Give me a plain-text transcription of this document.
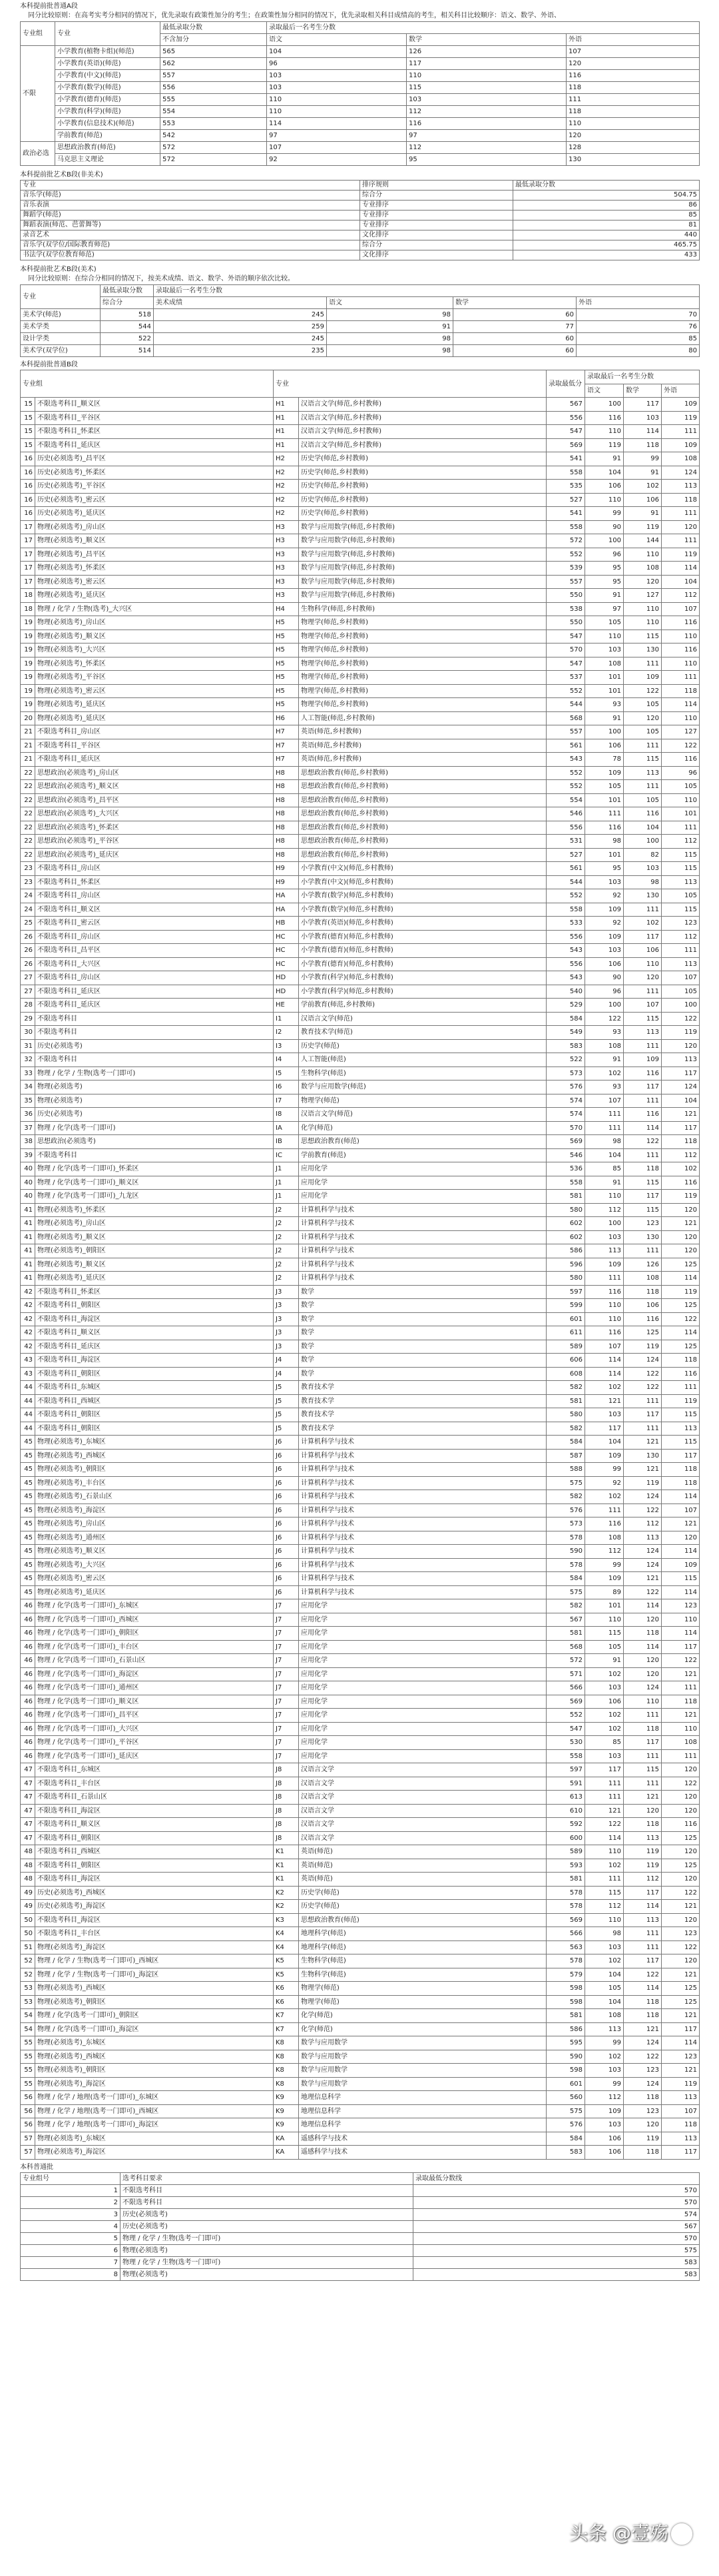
本科提前批普通A段
同分比较原则：在高考实考分相同的情况下，优先录取有政策性加分的考生；在政策性加分相同的情况下，优先录取相关科目成绩高的考生，相关科目比较顺序：语文、数学、外语、
专业组	专业	最低录取分数	录取最后一名考生分数		
		不含加分	语文	数学	外语
不限	小学教育(植物卡组)(师范)	565	104	126	107
	小学教育(英语)(师范)	562	96	117	120
	小学教育(中文)(师范)	557	103	110	116
	小学教育(数学)(师范)	556	103	115	118
	小学教育(德育)(师范)	555	110	103	111
	小学教育(科学)(师范)	554	110	112	118
	小学教育(信息技术)(师范)	553	114	116	110
	学前教育(师范)	542	97	97	120
政治必选	思想政治教育(师范)	572	107	112	128
	马克思主义理论	572	92	95	130
本科提前批艺术B段(非美术)
专业	排序规则	最低录取分数
音乐学(师范)	综合分	504.75
音乐表演	专业排序	86
舞蹈学(师范)	专业排序	85
舞蹈表演(师范、芭蕾舞等)	专业排序	81
录音艺术	文化排序	440
音乐学(双学位/国际教育师范)	综合分	465.75
书法学(双学位教育师范)	文化排序	433
本科提前批艺术B段(美术)
同分比较原则：在综合分相同的情况下，按美术成绩、语文、数学、外语的顺序依次比较。
专业	最低录取分数	录取最后一名考生分数			
	综合分	美术成绩	语文	数学	外语
美术学(师范)	518	245	98	60	70
美术学类	544	259	91	77	76
设计学类	522	245	98	60	85
美术学(双学位)	514	235	98	60	80
本科提前批普通B段
专业组		专业		录取最低分	录取最后一名考生分数		
					语文	数学	外语
15	不限选考科目_顺义区	H1	汉语言文学(师范,乡村教师)	567	100	117	109
15	不限选考科目_平谷区	H1	汉语言文学(师范,乡村教师)	556	116	103	119
15	不限选考科目_怀柔区	H1	汉语言文学(师范,乡村教师)	547	110	114	111
15	不限选考科目_延庆区	H1	汉语言文学(师范,乡村教师)	569	119	118	109
16	历史(必须选考)_昌平区	H2	历史学(师范,乡村教师)	541	91	99	108
16	历史(必须选考)_怀柔区	H2	历史学(师范,乡村教师)	558	104	91	124
16	历史(必须选考)_平谷区	H2	历史学(师范,乡村教师)	535	106	102	113
16	历史(必须选考)_密云区	H2	历史学(师范,乡村教师)	527	110	106	118
16	历史(必须选考)_延庆区	H2	历史学(师范,乡村教师)	541	99	91	111
17	物理(必须选考)_房山区	H3	数学与应用数学(师范,乡村教师)	558	90	119	120
17	物理(必须选考)_顺义区	H3	数学与应用数学(师范,乡村教师)	572	100	144	111
17	物理(必须选考)_昌平区	H3	数学与应用数学(师范,乡村教师)	552	96	110	119
17	物理(必须选考)_怀柔区	H3	数学与应用数学(师范,乡村教师)	539	95	108	114
17	物理(必须选考)_密云区	H3	数学与应用数学(师范,乡村教师)	557	95	120	104
18	物理(必须选考)_延庆区	H3	数学与应用数学(师范,乡村教师)	550	91	127	112
18	物理 / 化学 / 生物(选考)_大兴区	H4	生物科学(师范,乡村教师)	538	97	110	107
19	物理(必须选考)_房山区	H5	物理学(师范,乡村教师)	550	105	110	116
19	物理(必须选考)_顺义区	H5	物理学(师范,乡村教师)	547	110	115	110
19	物理(必须选考)_大兴区	H5	物理学(师范,乡村教师)	570	103	130	116
19	物理(必须选考)_怀柔区	H5	物理学(师范,乡村教师)	547	108	111	110
19	物理(必须选考)_平谷区	H5	物理学(师范,乡村教师)	537	101	109	111
19	物理(必须选考)_密云区	H5	物理学(师范,乡村教师)	552	101	122	118
19	物理(必须选考)_延庆区	H5	物理学(师范,乡村教师)	544	93	105	114
20	物理(必须选考)_延庆区	H6	人工智能(师范,乡村教师)	568	91	120	110
21	不限选考科目_房山区	H7	英语(师范,乡村教师)	557	100	105	127
21	不限选考科目_平谷区	H7	英语(师范,乡村教师)	561	106	111	122
21	不限选考科目_延庆区	H7	英语(师范,乡村教师)	543	78	115	116
22	思想政治(必须选考)_房山区	H8	思想政治教育(师范,乡村教师)	552	109	113	96
22	思想政治(必须选考)_顺义区	H8	思想政治教育(师范,乡村教师)	552	105	111	105
22	思想政治(必须选考)_昌平区	H8	思想政治教育(师范,乡村教师)	554	101	105	110
22	思想政治(必须选考)_大兴区	H8	思想政治教育(师范,乡村教师)	546	111	116	101
22	思想政治(必须选考)_怀柔区	H8	思想政治教育(师范,乡村教师)	556	116	104	111
22	思想政治(必须选考)_平谷区	H8	思想政治教育(师范,乡村教师)	531	98	100	112
22	思想政治(必须选考)_延庆区	H8	思想政治教育(师范,乡村教师)	527	101	82	115
23	不限选考科目_房山区	H9	小学教育(中文)(师范,乡村教师)	561	95	103	115
23	不限选考科目_怀柔区	H9	小学教育(中文)(师范,乡村教师)	544	103	98	113
24	不限选考科目_房山区	HA	小学教育(数学)(师范,乡村教师)	552	92	130	105
24	不限选考科目_顺义区	HA	小学教育(数学)(师范,乡村教师)	558	109	111	115
25	不限选考科目_密云区	HB	小学教育(英语)(师范,乡村教师)	533	92	102	123
26	不限选考科目_房山区	HC	小学教育(德育)(师范,乡村教师)	556	109	117	112
26	不限选考科目_昌平区	HC	小学教育(德育)(师范,乡村教师)	543	103	106	111
26	不限选考科目_大兴区	HC	小学教育(德育)(师范,乡村教师)	556	106	110	113
27	不限选考科目_房山区	HD	小学教育(科学)(师范,乡村教师)	543	90	120	107
27	不限选考科目_延庆区	HD	小学教育(科学)(师范,乡村教师)	540	96	111	105
28	不限选考科目_延庆区	HE	学前教育(师范,乡村教师)	529	100	107	100
29	不限选考科目	I1	汉语言文学(师范)	584	122	115	122
30	不限选考科目	I2	教育技术学(师范)	549	93	113	119
31	历史(必须选考)	I3	历史学(师范)	583	108	111	120
32	不限选考科目	I4	人工智能(师范)	522	91	109	113
33	物理 / 化学 / 生物(选考一门即可)	I5	生物科学(师范)	573	102	116	117
34	物理(必须选考)	I6	数学与应用数学(师范)	576	93	117	124
35	物理(必须选考)	I7	物理学(师范)	574	107	111	104
36	历史(必须选考)	I8	汉语言文学(师范)	574	111	116	121
37	物理 / 化学(选考一门即可)	IA	化学(师范)	570	111	114	117
38	思想政治(必须选考)	IB	思想政治教育(师范)	569	98	122	118
39	不限选考科目	IC	学前教育(师范)	546	104	111	112
40	物理 / 化学(选考一门即可)_怀柔区	J1	应用化学	536	85	118	102
40	物理 / 化学(选考一门即可)_顺义区	J1	应用化学	558	91	115	116
40	物理 / 化学(选考一门即可)_九龙区	J1	应用化学	581	110	117	119
41	物理(必须选考)_怀柔区	J2	计算机科学与技术	580	112	115	120
41	物理(必须选考)_房山区	J2	计算机科学与技术	602	100	123	121
41	物理(必须选考)_顺义区	J2	计算机科学与技术	602	103	130	120
41	物理(必须选考)_朝阳区	J2	计算机科学与技术	586	113	111	120
41	物理(必须选考)_顺义区	J2	计算机科学与技术	596	109	126	125
41	物理(必须选考)_延庆区	J2	计算机科学与技术	580	111	108	114
42	不限选考科目_怀柔区	J3	数学	597	116	118	119
42	不限选考科目_朝阳区	J3	数学	599	110	106	125
42	不限选考科目_海淀区	J3	数学	601	110	116	122
42	不限选考科目_顺义区	J3	数学	611	116	125	114
42	不限选考科目_延庆区	J3	数学	589	107	119	125
43	不限选考科目_海淀区	J4	数学	606	114	124	118
43	不限选考科目_朝阳区	J4	数学	608	114	122	116
44	不限选考科目_东城区	J5	教育技术学	582	102	122	111
44	不限选考科目_西城区	J5	教育技术学	581	121	111	119
44	不限选考科目_朝阳区	J5	教育技术学	580	103	117	115
44	不限选考科目_朝阳区	J5	教育技术学	582	117	111	113
45	物理(必须选考)_东城区	J6	计算机科学与技术	584	104	121	115
45	物理(必须选考)_西城区	J6	计算机科学与技术	587	109	130	117
45	物理(必须选考)_朝阳区	J6	计算机科学与技术	588	99	121	118
45	物理(必须选考)_丰台区	J6	计算机科学与技术	575	92	119	118
45	物理(必须选考)_石景山区	J6	计算机科学与技术	582	102	124	114
45	物理(必须选考)_海淀区	J6	计算机科学与技术	576	111	122	107
45	物理(必须选考)_房山区	J6	计算机科学与技术	573	116	112	121
45	物理(必须选考)_通州区	J6	计算机科学与技术	578	108	113	120
45	物理(必须选考)_顺义区	J6	计算机科学与技术	590	112	124	114
45	物理(必须选考)_大兴区	J6	计算机科学与技术	578	99	124	109
45	物理(必须选考)_密云区	J6	计算机科学与技术	584	109	121	115
45	物理(必须选考)_延庆区	J6	计算机科学与技术	575	89	122	114
46	物理 / 化学(选考一门即可)_东城区	J7	应用化学	582	101	114	123
46	物理 / 化学(选考一门即可)_西城区	J7	应用化学	567	110	120	110
46	物理 / 化学(选考一门即可)_朝阳区	J7	应用化学	581	115	118	114
46	物理 / 化学(选考一门即可)_丰台区	J7	应用化学	568	105	114	117
46	物理 / 化学(选考一门即可)_石景山区	J7	应用化学	572	91	120	122
46	物理 / 化学(选考一门即可)_海淀区	J7	应用化学	571	102	120	121
46	物理 / 化学(选考一门即可)_通州区	J7	应用化学	566	103	124	111
46	物理 / 化学(选考一门即可)_顺义区	J7	应用化学	569	106	110	118
46	物理 / 化学(选考一门即可)_昌平区	J7	应用化学	552	102	111	121
46	物理 / 化学(选考一门即可)_大兴区	J7	应用化学	547	102	118	110
46	物理 / 化学(选考一门即可)_平谷区	J7	应用化学	530	85	117	108
46	物理 / 化学(选考一门即可)_延庆区	J7	应用化学	558	103	111	111
47	不限选考科目_东城区	J8	汉语言文学	597	117	115	120
47	不限选考科目_丰台区	J8	汉语言文学	591	111	111	122
47	不限选考科目_石景山区	J8	汉语言文学	613	111	121	120
47	不限选考科目_海淀区	J8	汉语言文学	610	121	120	120
47	不限选考科目_顺义区	J8	汉语言文学	592	122	118	116
47	不限选考科目_朝阳区	J8	汉语言文学	600	114	113	125
48	不限选考科目_西城区	K1	英语(师范)	589	110	119	120
48	不限选考科目_朝阳区	K1	英语(师范)	593	102	119	125
48	不限选考科目_海淀区	K1	英语(师范)	581	111	112	120
49	历史(必须选考)_西城区	K2	历史学(师范)	578	115	117	122
49	历史(必须选考)_海淀区	K2	历史学(师范)	578	112	114	121
50	不限选考科目_海淀区	K3	思想政治教育(师范)	569	110	113	120
50	不限选考科目_丰台区	K4	地理科学(师范)	566	98	111	123
51	物理(必须选考)_海淀区	K4	地理科学(师范)	563	103	111	122
52	物理 / 化学 / 生物(选考一门即可)_西城区	K5	生物科学(师范)	578	102	117	120
52	物理 / 化学 / 生物(选考一门即可)_海淀区	K5	生物科学(师范)	579	104	122	121
53	物理(必须选考)_西城区	K6	物理学(师范)	598	105	114	125
53	物理(必须选考)_朝阳区	K6	物理学(师范)	598	104	118	125
54	物理 / 化学(选考一门即可)_朝阳区	K7	化学(师范)	581	108	118	121
54	物理 / 化学(选考一门即可)_海淀区	K7	化学(师范)	586	113	121	117
55	物理(必须选考)_东城区	K8	数学与应用数学	595	99	124	114
55	物理(必须选考)_西城区	K8	数学与应用数学	590	102	122	123
55	物理(必须选考)_朝阳区	K8	数学与应用数学	598	103	123	121
55	物理(必须选考)_海淀区	K8	数学与应用数学	601	99	124	119
56	物理 / 化学 / 地理(选考一门即可)_东城区	K9	地理信息科学	560	112	118	113
56	物理 / 化学 / 地理(选考一门即可)_西城区	K9	地理信息科学	575	109	123	107
56	物理 / 化学 / 地理(选考一门即可)_海淀区	K9	地理信息科学	576	103	120	118
57	物理(必须选考)_东城区	KA	遥感科学与技术	584	106	119	113
57	物理(必须选考)_海淀区	KA	遥感科学与技术	583	106	118	117
本科普通批
专业组号	选考科目要求	录取最低分数线
1	不限选考科目	570
2	不限选考科目	570
3	历史(必须选考)	574
4	历史(必须选考)	567
5	物理 / 化学 / 生物(选考一门即可)	570
6	物理(必须选考)	575
7	物理 / 化学 / 生物(选考一门即可)	583
8	物理(必须选考)	583
头条 @壹殇
